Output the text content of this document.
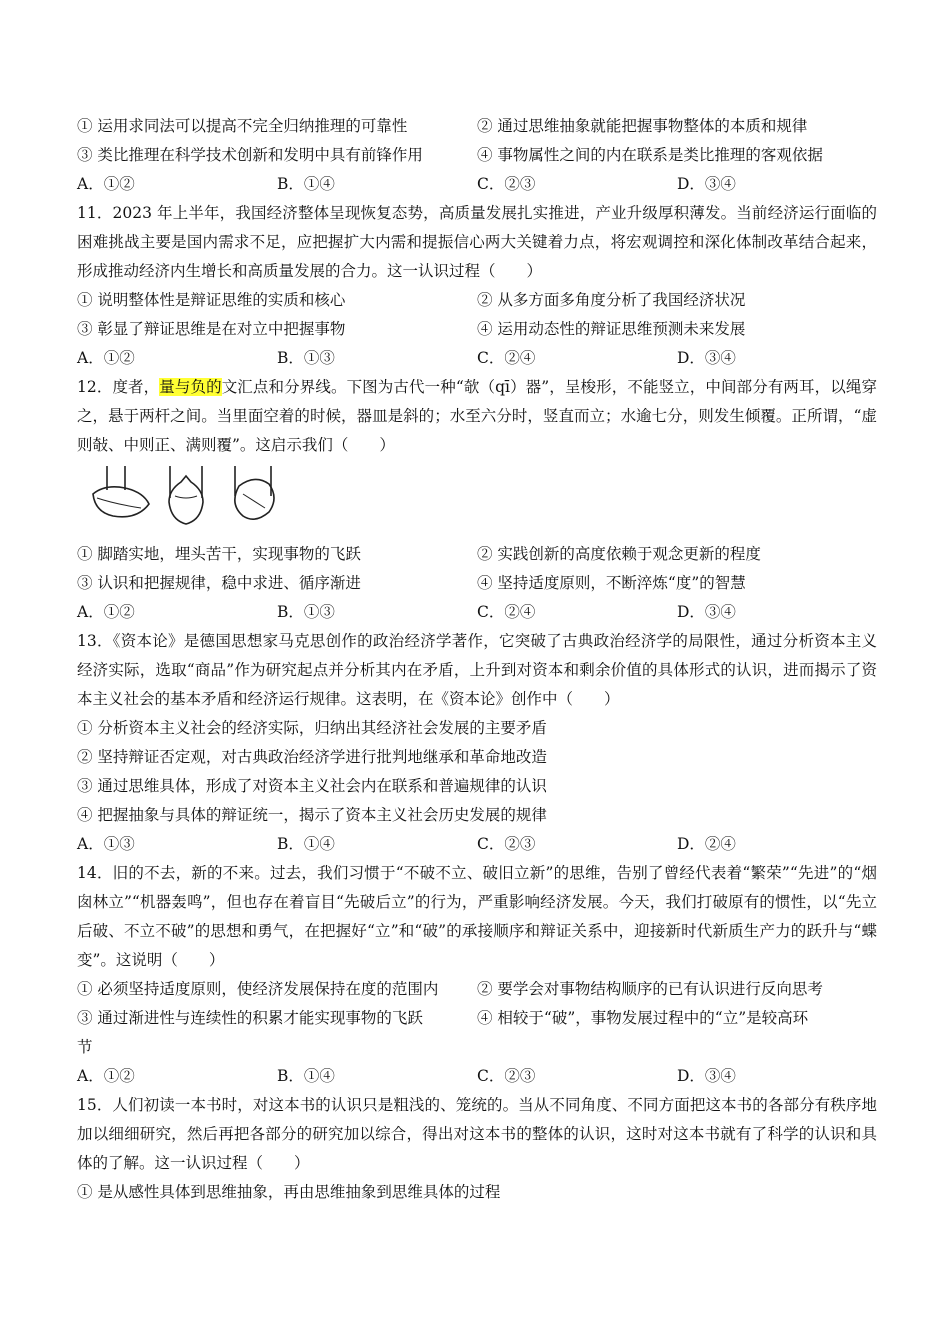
① 运用求同法可以提高不完全归纳推理的可靠性	② 通过思维抽象就能把握事物整体的本质和规律
③ 类比推理在科学技术创新和发明中具有前锋作用	④ 事物属性之间的内在联系是类比推理的客观依据
A．①②	B．①④	C．②③	D．③④
11．2023 年上半年，我国经济整体呈现恢复态势，高质量发展扎实推进，产业升级厚积薄发。当前经济运行面临的困难挑战主要是国内需求不足，应把握扩大内需和提振信心两大关键着力点，将宏观调控和深化体制改革结合起来，形成推动经济内生增长和高质量发展的合力。这一认识过程（　　）
① 说明整体性是辩证思维的实质和核心	② 从多方面多角度分析了我国经济状况
③ 彰显了辩证思维是在对立中把握事物	④ 运用动态性的辩证思维预测未来发展
A．①②	B．①③	C．②④	D．③④
12．度者，量与负的文汇点和分界线。下图为古代一种“欹（qī）器”，呈梭形，不能竖立，中间部分有两耳，以绳穿之，悬于两杆之间。当里面空着的时候，器皿是斜的；水至六分时，竖直而立；水逾七分，则发生倾覆。正所谓，“虚则敧、中则正、满则覆”。这启示我们（　　）
① 脚踏实地，埋头苦干，实现事物的飞跃	② 实践创新的高度依赖于观念更新的程度
③ 认识和把握规律，稳中求进、循序渐进	④ 坚持适度原则，不断淬炼“度”的智慧
A．①②	B．①③	C．②④	D．③④
13．《资本论》是德国思想家马克思创作的政治经济学著作，它突破了古典政治经济学的局限性，通过分析资本主义经济实际，选取“商品”作为研究起点并分析其内在矛盾，上升到对资本和剩余价值的具体形式的认识，进而揭示了资本主义社会的基本矛盾和经济运行规律。这表明，在《资本论》创作中（　　）
① 分析资本主义社会的经济实际，归纳出其经济社会发展的主要矛盾
② 坚持辩证否定观，对古典政治经济学进行批判地继承和革命地改造
③ 通过思维具体，形成了对资本主义社会内在联系和普遍规律的认识
④ 把握抽象与具体的辩证统一，揭示了资本主义社会历史发展的规律
A．①③	B．①④	C．②③	D．②④
14．旧的不去，新的不来。过去，我们习惯于“不破不立、破旧立新”的思维，告别了曾经代表着“繁荣”“先进”的“烟囱林立”“机器轰鸣”，但也存在着盲目“先破后立”的行为，严重影响经济发展。今天，我们打破原有的惯性，以“先立后破、不立不破”的思想和勇气，在把握好“立”和“破”的承接顺序和辩证关系中，迎接新时代新质生产力的跃升与“蝶变”。这说明（　　）
① 必须坚持适度原则，使经济发展保持在度的范围内 ② 要学会对事物结构顺序的已有认识进行反向思考
③ 通过渐进性与连续性的积累才能实现事物的飞跃	④ 相较于“破”，事物发展过程中的“立”是较高环
节
A．①②	B．①④	C．②③	D．③④
15．人们初读一本书时，对这本书的认识只是粗浅的、笼统的。当从不同角度、不同方面把这本书的各部分有秩序地加以细细研究，然后再把各部分的研究加以综合，得出对这本书的整体的认识，这时对这本书就有了科学的认识和具体的了解。这一认识过程（　　）
① 是从感性具体到思维抽象，再由思维抽象到思维具体的过程
